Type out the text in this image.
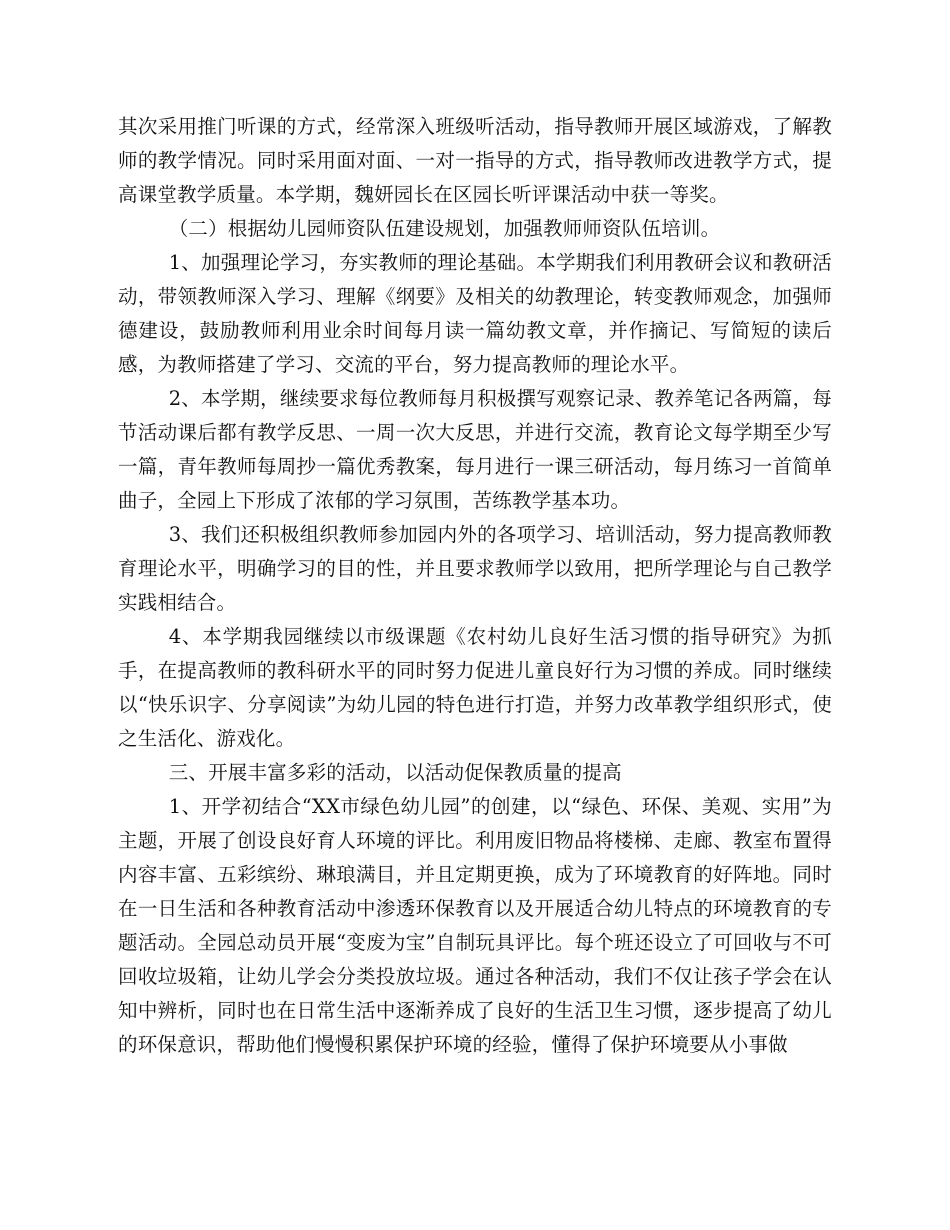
其次采用推门听课的方式，经常深入班级听活动，指导教师开展区域游戏，了解教师的教学情况。同时采用面对面、一对一指导的方式，指导教师改进教学方式，提高课堂教学质量。本学期，魏妍园长在区园长听评课活动中获一等奖。

（二）根据幼儿园师资队伍建设规划，加强教师师资队伍培训。

1、加强理论学习，夯实教师的理论基础。本学期我们利用教研会议和教研活动，带领教师深入学习、理解《纲要》及相关的幼教理论，转变教师观念，加强师德建设，鼓励教师利用业余时间每月读一篇幼教文章，并作摘记、写简短的读后感，为教师搭建了学习、交流的平台，努力提高教师的理论水平。

2、本学期，继续要求每位教师每月积极撰写观察记录、教养笔记各两篇，每节活动课后都有教学反思、一周一次大反思，并进行交流，教育论文每学期至少写一篇，青年教师每周抄一篇优秀教案，每月进行一课三研活动，每月练习一首简单曲子，全园上下形成了浓郁的学习氛围，苦练教学基本功。

3、我们还积极组织教师参加园内外的各项学习、培训活动，努力提高教师教育理论水平，明确学习的目的性，并且要求教师学以致用，把所学理论与自己教学实践相结合。

4、本学期我园继续以市级课题《农村幼儿良好生活习惯的指导研究》为抓手，在提高教师的教科研水平的同时努力促进儿童良好行为习惯的养成。同时继续以“快乐识字、分享阅读”为幼儿园的特色进行打造，并努力改革教学组织形式，使之生活化、游戏化。

三、开展丰富多彩的活动，以活动促保教质量的提高

1、开学初结合“XX市绿色幼儿园”的创建，以“绿色、环保、美观、实用”为主题，开展了创设良好育人环境的评比。利用废旧物品将楼梯、走廊、教室布置得内容丰富、五彩缤纷、琳琅满目，并且定期更换，成为了环境教育的好阵地。同时在一日生活和各种教育活动中渗透环保教育以及开展适合幼儿特点的环境教育的专题活动。全园总动员开展“变废为宝”自制玩具评比。每个班还设立了可回收与不可回收垃圾箱，让幼儿学会分类投放垃圾。通过各种活动，我们不仅让孩子学会在认知中辨析，同时也在日常生活中逐渐养成了良好的生活卫生习惯，逐步提高了幼儿的环保意识，帮助他们慢慢积累保护环境的经验，懂得了保护环境要从小事做
